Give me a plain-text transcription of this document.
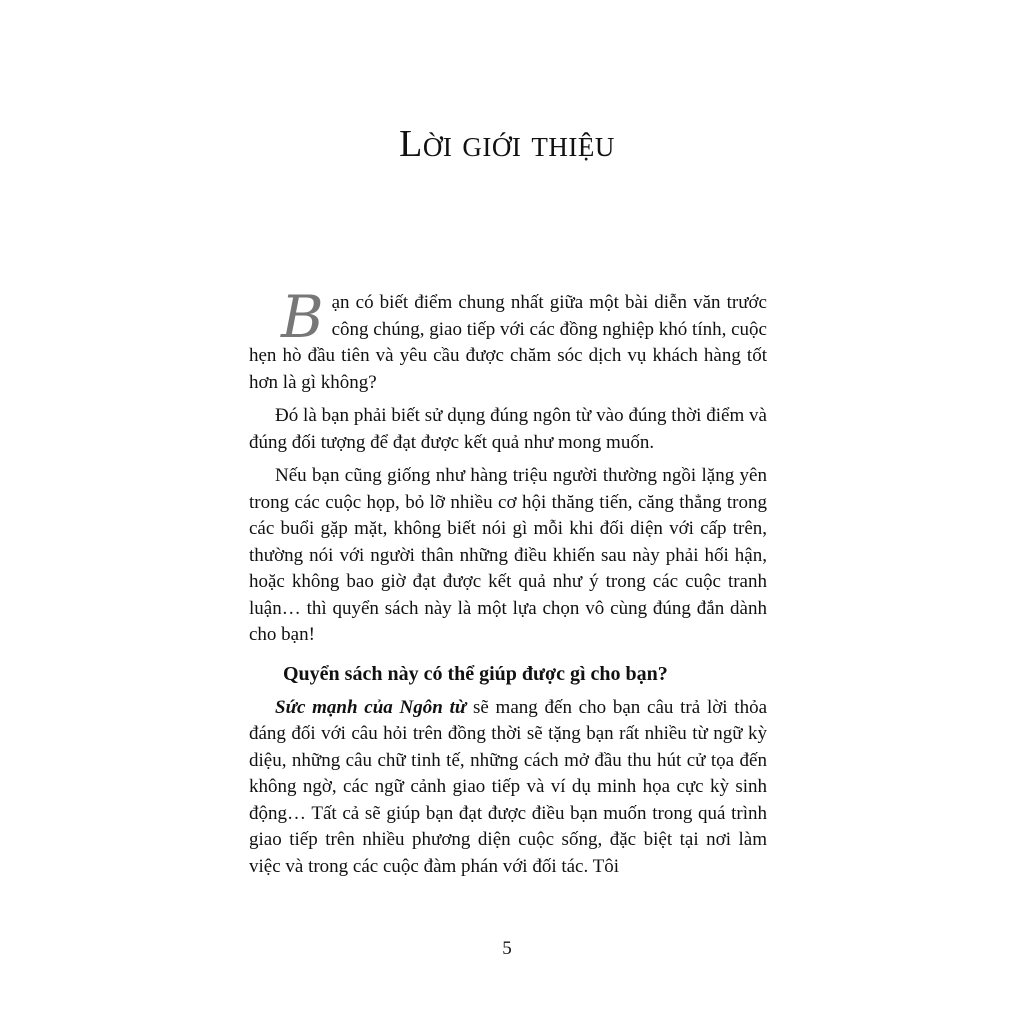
Lời giới thiệu

Bạn có biết điểm chung nhất giữa một bài diễn văn trước công chúng, giao tiếp với các đồng nghiệp khó tính, cuộc hẹn hò đầu tiên và yêu cầu được chăm sóc dịch vụ khách hàng tốt hơn là gì không?

Đó là bạn phải biết sử dụng đúng ngôn từ vào đúng thời điểm và đúng đối tượng để đạt được kết quả như mong muốn.

Nếu bạn cũng giống như hàng triệu người thường ngồi lặng yên trong các cuộc họp, bỏ lỡ nhiều cơ hội thăng tiến, căng thẳng trong các buổi gặp mặt, không biết nói gì mỗi khi đối diện với cấp trên, thường nói với người thân những điều khiến sau này phải hối hận, hoặc không bao giờ đạt được kết quả như ý trong các cuộc tranh luận… thì quyển sách này là một lựa chọn vô cùng đúng đắn dành cho bạn!

Quyển sách này có thể giúp được gì cho bạn?

Sức mạnh của Ngôn từ sẽ mang đến cho bạn câu trả lời thỏa đáng đối với câu hỏi trên đồng thời sẽ tặng bạn rất nhiều từ ngữ kỳ diệu, những câu chữ tinh tế, những cách mở đầu thu hút cử tọa đến không ngờ, các ngữ cảnh giao tiếp và ví dụ minh họa cực kỳ sinh động… Tất cả sẽ giúp bạn đạt được điều bạn muốn trong quá trình giao tiếp trên nhiều phương diện cuộc sống, đặc biệt tại nơi làm việc và trong các cuộc đàm phán với đối tác. Tôi

5
